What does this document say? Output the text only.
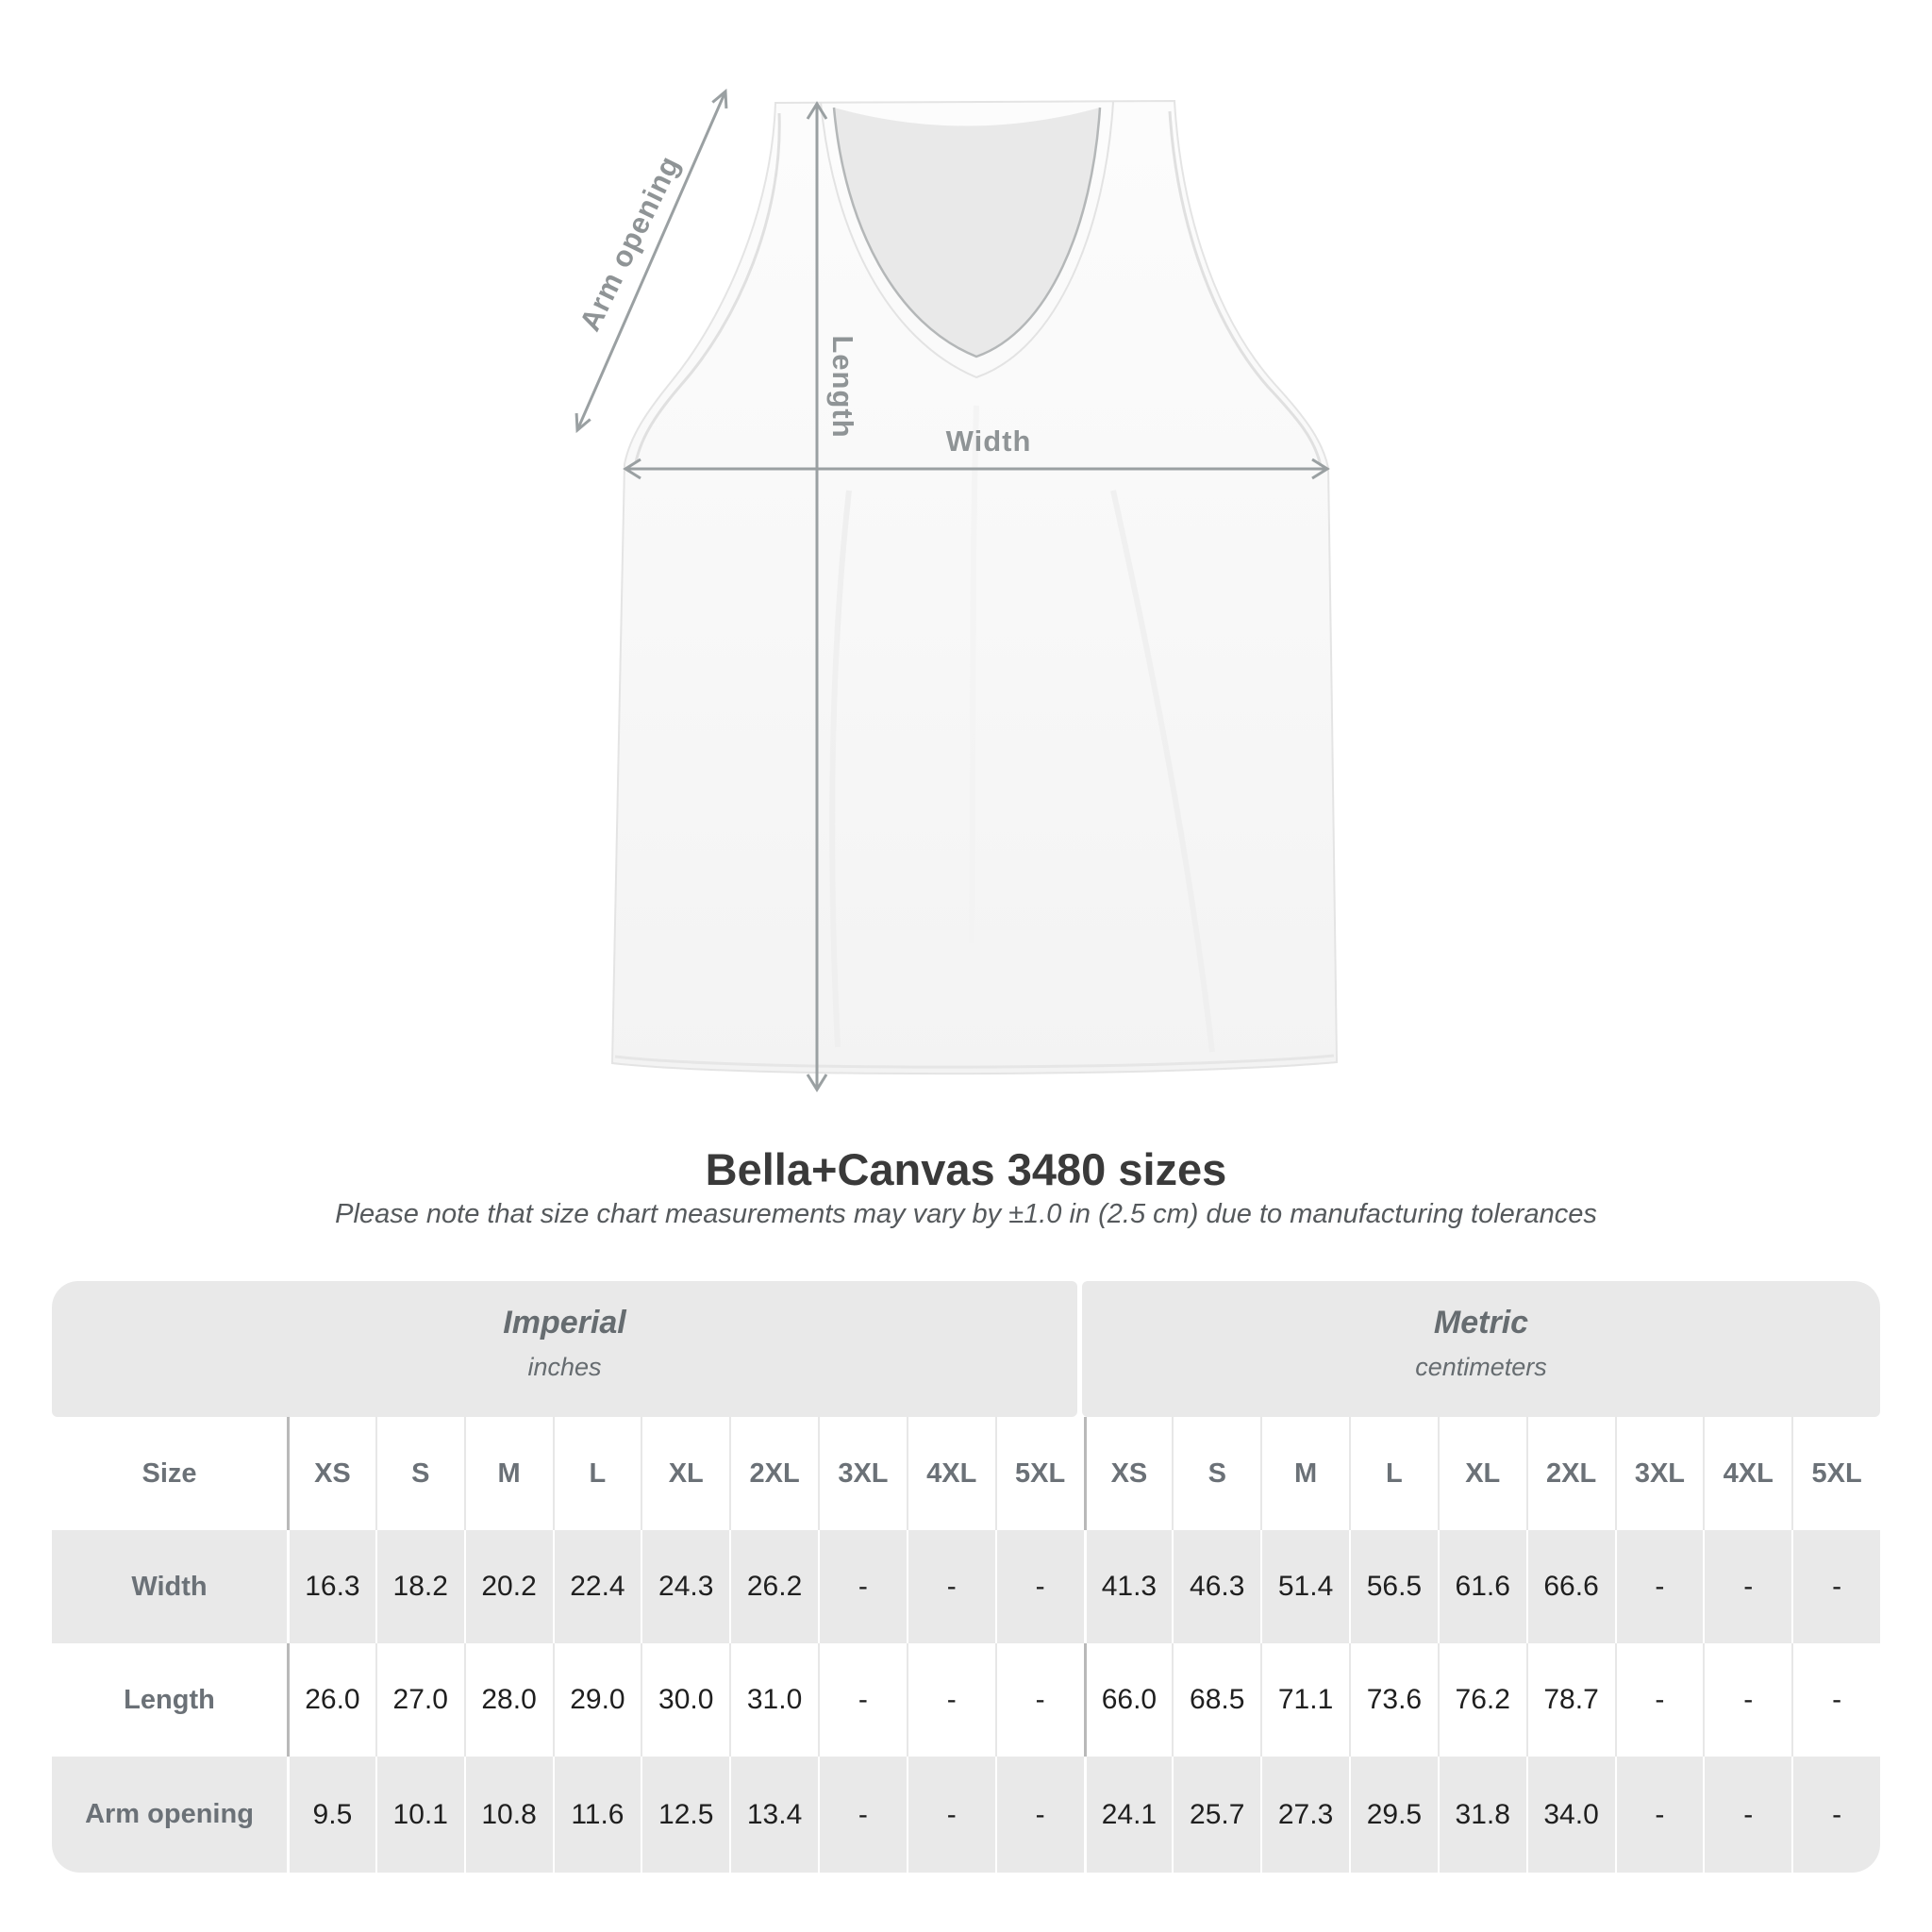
Arm opening
Length
Width
Bella+Canvas 3480 sizes

Please note that size chart measurements may vary by ±1.0 in (2.5 cm) due to manufacturing tolerances

Imperial
inches
Metric
centimeters
Size	XS	S	M	L	XL	2XL	3XL	4XL	5XL	XS	S	M	L	XL	2XL	3XL	4XL	5XL
Width	16.3	18.2	20.2	22.4	24.3	26.2	-	-	-	41.3	46.3	51.4	56.5	61.6	66.6	-	-	-
Length	26.0	27.0	28.0	29.0	30.0	31.0	-	-	-	66.0	68.5	71.1	73.6	76.2	78.7	-	-	-
Arm opening	9.5	10.1	10.8	11.6	12.5	13.4	-	-	-	24.1	25.7	27.3	29.5	31.8	34.0	-	-	-
